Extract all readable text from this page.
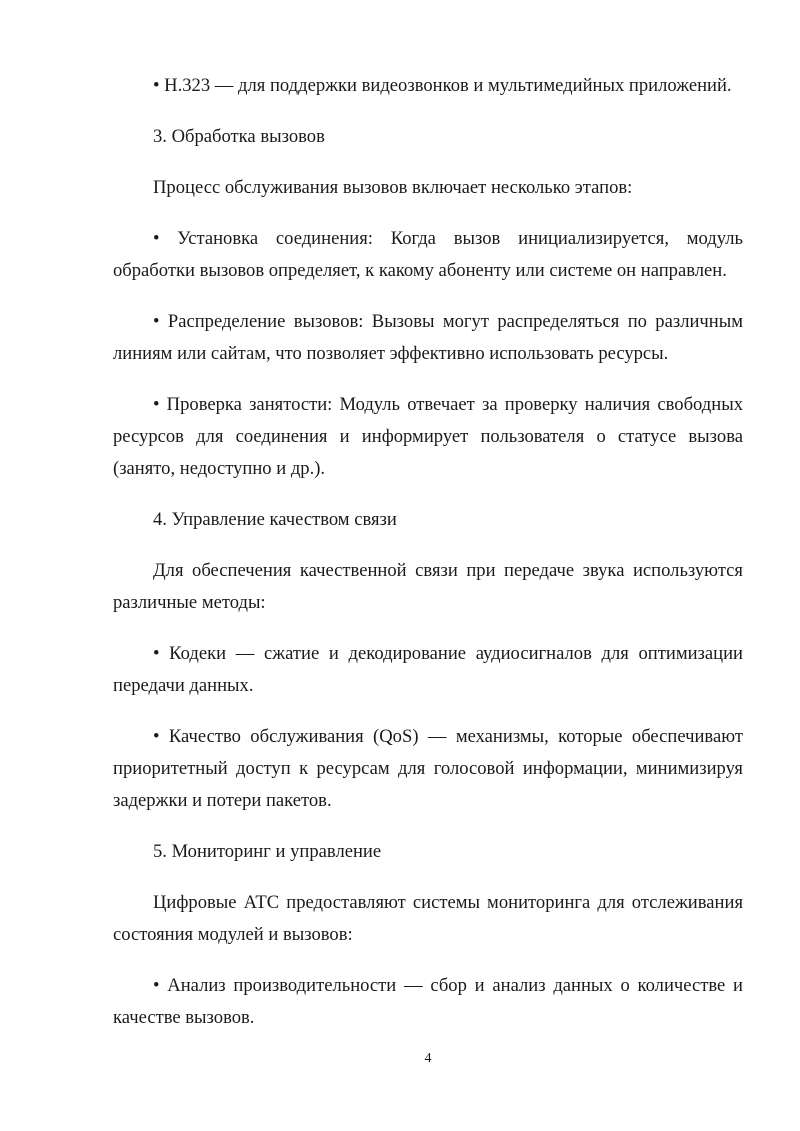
• H.323 — для поддержки видеозвонков и мультимедийных приложений.

3. Обработка вызовов

Процесс обслуживания вызовов включает несколько этапов:

• Установка соединения: Когда вызов инициализируется, модуль обработки вызовов определяет, к какому абоненту или системе он направлен.

• Распределение вызовов: Вызовы могут распределяться по различным линиям или сайтам, что позволяет эффективно использовать ресурсы.

• Проверка занятости: Модуль отвечает за проверку наличия свободных ресурсов для соединения и информирует пользователя о статусе вызова (занято, недоступно и др.).

4. Управление качеством связи

Для обеспечения качественной связи при передаче звука используются различные методы:

• Кодеки — сжатие и декодирование аудиосигналов для оптимизации передачи данных.

• Качество обслуживания (QoS) — механизмы, которые обеспечивают приоритетный доступ к ресурсам для голосовой информации, минимизируя задержки и потери пакетов.

5. Мониторинг и управление

Цифровые АТС предоставляют системы мониторинга для отслеживания состояния модулей и вызовов:

• Анализ производительности — сбор и анализ данных о количестве и качестве вызовов.

4
